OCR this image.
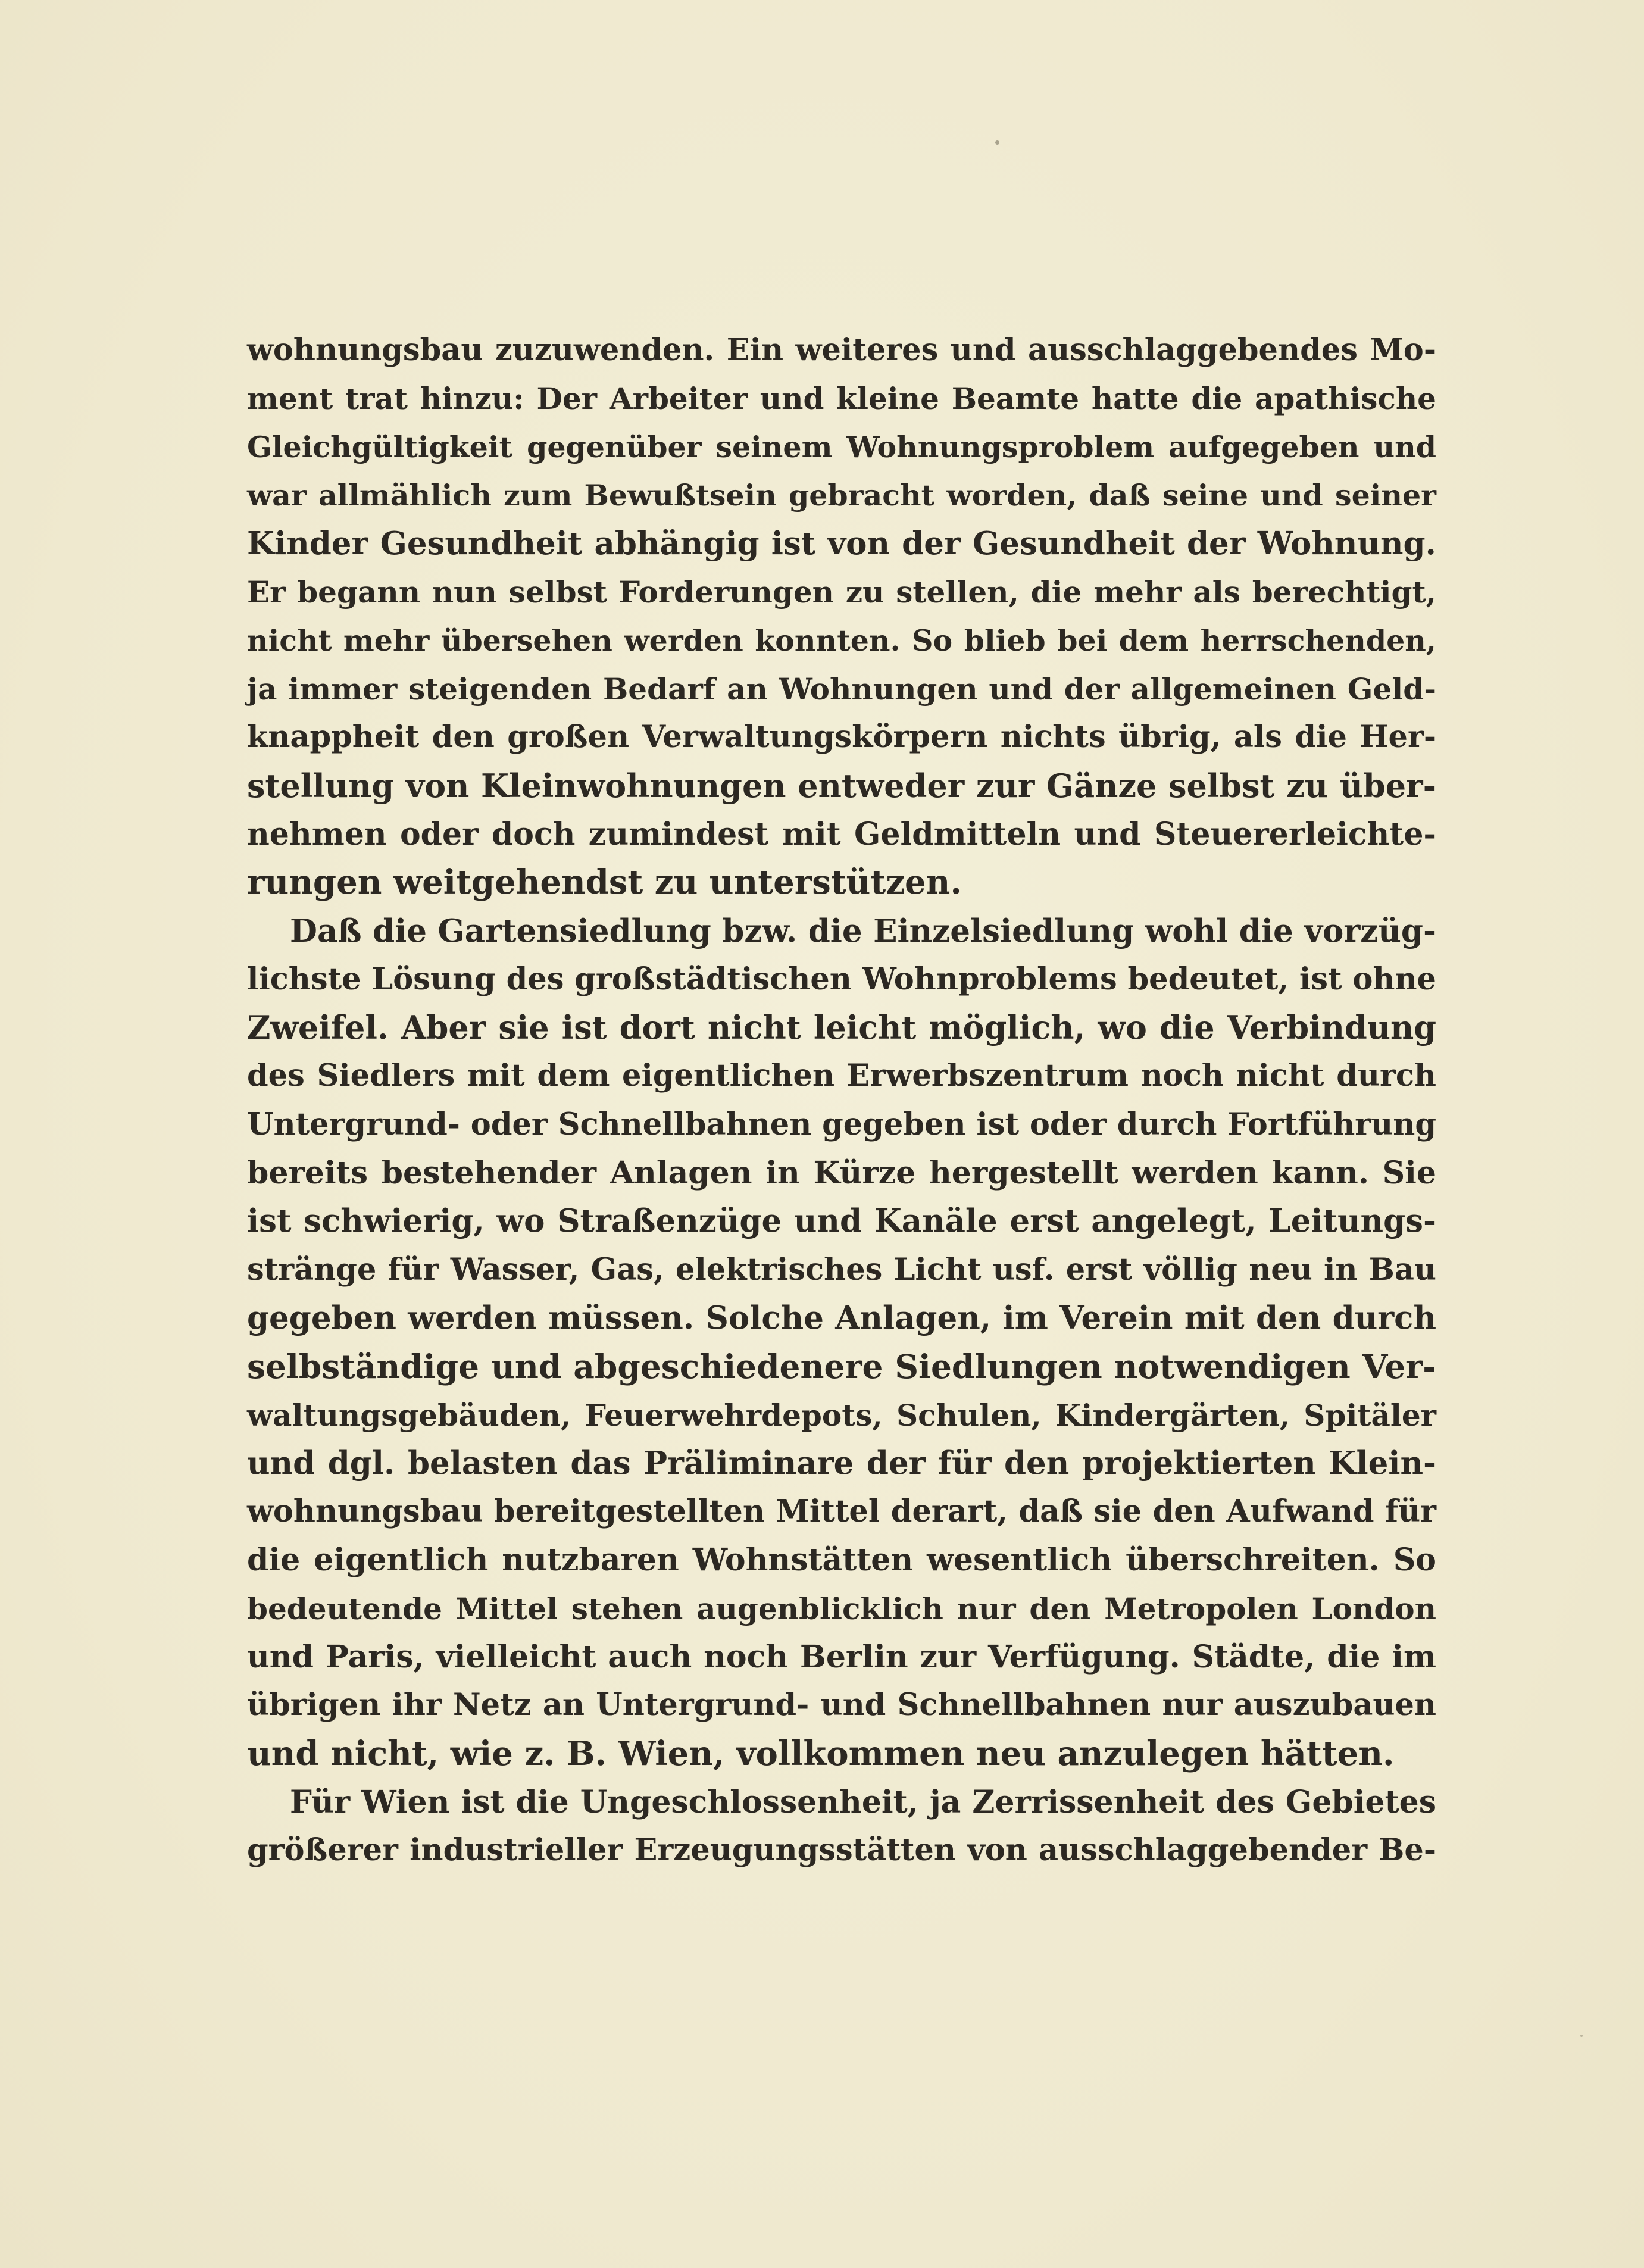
wohnungsbau zuzuwenden. Ein weiteres und ausschlaggebendes Mo-
ment trat hinzu: Der Arbeiter und kleine Beamte hatte die apathische
Gleichgültigkeit gegenüber seinem Wohnungsproblem aufgegeben und
war allmählich zum Bewußtsein gebracht worden, daß seine und seiner
Kinder Gesundheit abhängig ist von der Gesundheit der Wohnung.
Er begann nun selbst Forderungen zu stellen, die mehr als berechtigt,
nicht mehr übersehen werden konnten. So blieb bei dem herrschenden,
ja immer steigenden Bedarf an Wohnungen und der allgemeinen Geld-
knappheit den großen Verwaltungskörpern nichts übrig, als die Her-
stellung von Kleinwohnungen entweder zur Gänze selbst zu über-
nehmen oder doch zumindest mit Geldmitteln und Steuererleichte-
rungen weitgehendst zu unterstützen.
Daß die Gartensiedlung bzw. die Einzelsiedlung wohl die vorzüg-
lichste Lösung des großstädtischen Wohnproblems bedeutet, ist ohne
Zweifel. Aber sie ist dort nicht leicht möglich, wo die Verbindung
des Siedlers mit dem eigentlichen Erwerbszentrum noch nicht durch
Untergrund- oder Schnellbahnen gegeben ist oder durch Fortführung
bereits bestehender Anlagen in Kürze hergestellt werden kann. Sie
ist schwierig, wo Straßenzüge und Kanäle erst angelegt, Leitungs-
stränge für Wasser, Gas, elektrisches Licht usf. erst völlig neu in Bau
gegeben werden müssen. Solche Anlagen, im Verein mit den durch
selbständige und abgeschiedenere Siedlungen notwendigen Ver-
waltungsgebäuden, Feuerwehrdepots, Schulen, Kindergärten, Spitäler
und dgl. belasten das Präliminare der für den projektierten Klein-
wohnungsbau bereitgestellten Mittel derart, daß sie den Aufwand für
die eigentlich nutzbaren Wohnstätten wesentlich überschreiten. So
bedeutende Mittel stehen augenblicklich nur den Metropolen London
und Paris, vielleicht auch noch Berlin zur Verfügung. Städte, die im
übrigen ihr Netz an Untergrund- und Schnellbahnen nur auszubauen
und nicht, wie z. B. Wien, vollkommen neu anzulegen hätten.
Für Wien ist die Ungeschlossenheit, ja Zerrissenheit des Gebietes
größerer industrieller Erzeugungsstätten von ausschlaggebender Be-
